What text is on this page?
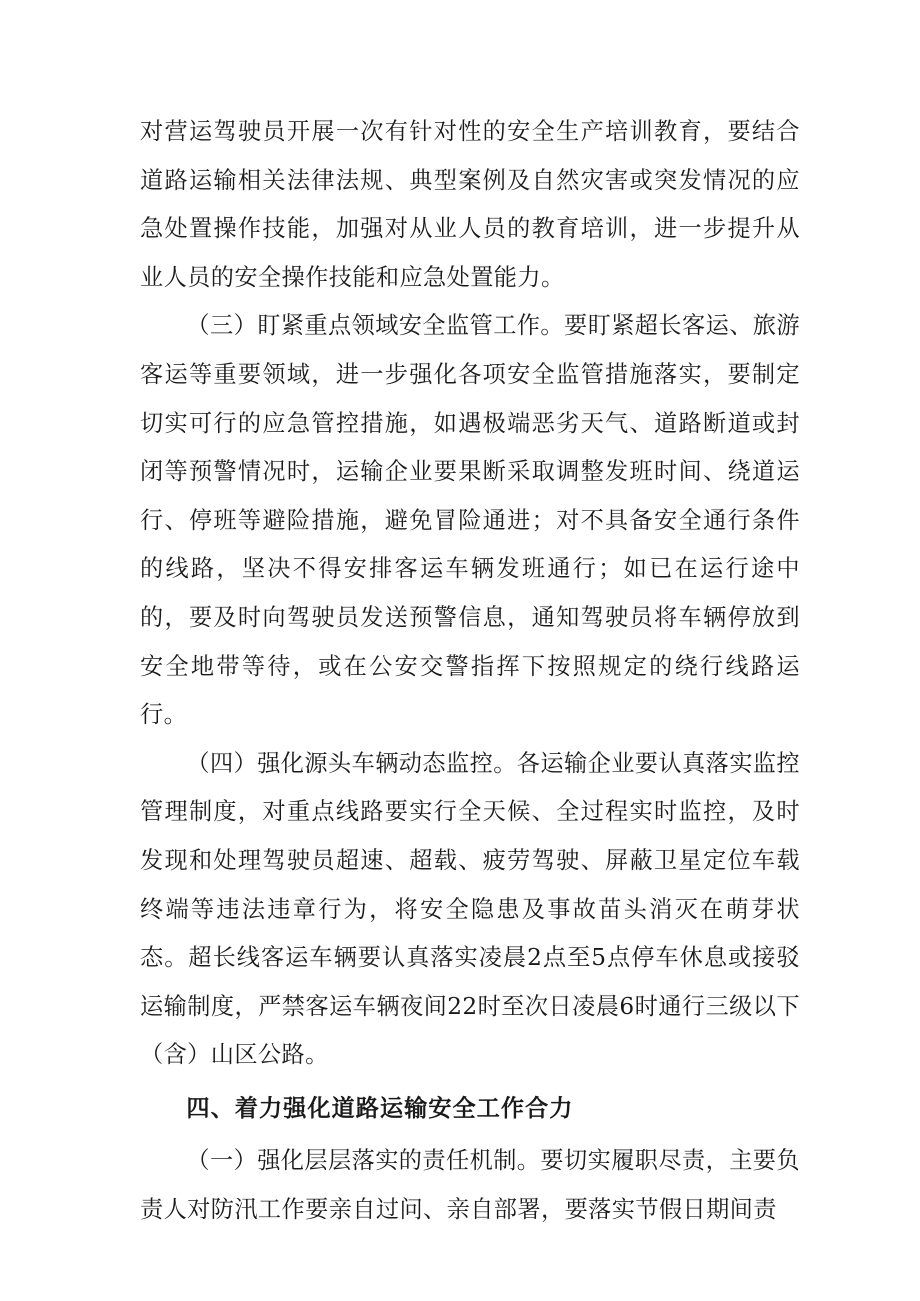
对营运驾驶员开展一次有针对性的安全生产培训教育，要结合道路运输相关法律法规、典型案例及自然灾害或突发情况的应急处置操作技能，加强对从业人员的教育培训，进一步提升从业人员的安全操作技能和应急处置能力。

（三）盯紧重点领域安全监管工作。要盯紧超长客运、旅游客运等重要领域，进一步强化各项安全监管措施落实，要制定切实可行的应急管控措施，如遇极端恶劣天气、道路断道或封闭等预警情况时，运输企业要果断采取调整发班时间、绕道运行、停班等避险措施，避免冒险通进；对不具备安全通行条件的线路，坚决不得安排客运车辆发班通行；如已在运行途中的，要及时向驾驶员发送预警信息，通知驾驶员将车辆停放到安全地带等待，或在公安交警指挥下按照规定的绕行线路运行。

（四）强化源头车辆动态监控。各运输企业要认真落实监控管理制度，对重点线路要实行全天候、全过程实时监控，及时发现和处理驾驶员超速、超载、疲劳驾驶、屏蔽卫星定位车载终端等违法违章行为，将安全隐患及事故苗头消灭在萌芽状态。超长线客运车辆要认真落实凌晨2点至5点停车休息或接驳运输制度，严禁客运车辆夜间22时至次日凌晨6时通行三级以下（含）山区公路。

四、着力强化道路运输安全工作合力

（一）强化层层落实的责任机制。要切实履职尽责，主要负责人对防汛工作要亲自过问、亲自部署，要落实节假日期间责
